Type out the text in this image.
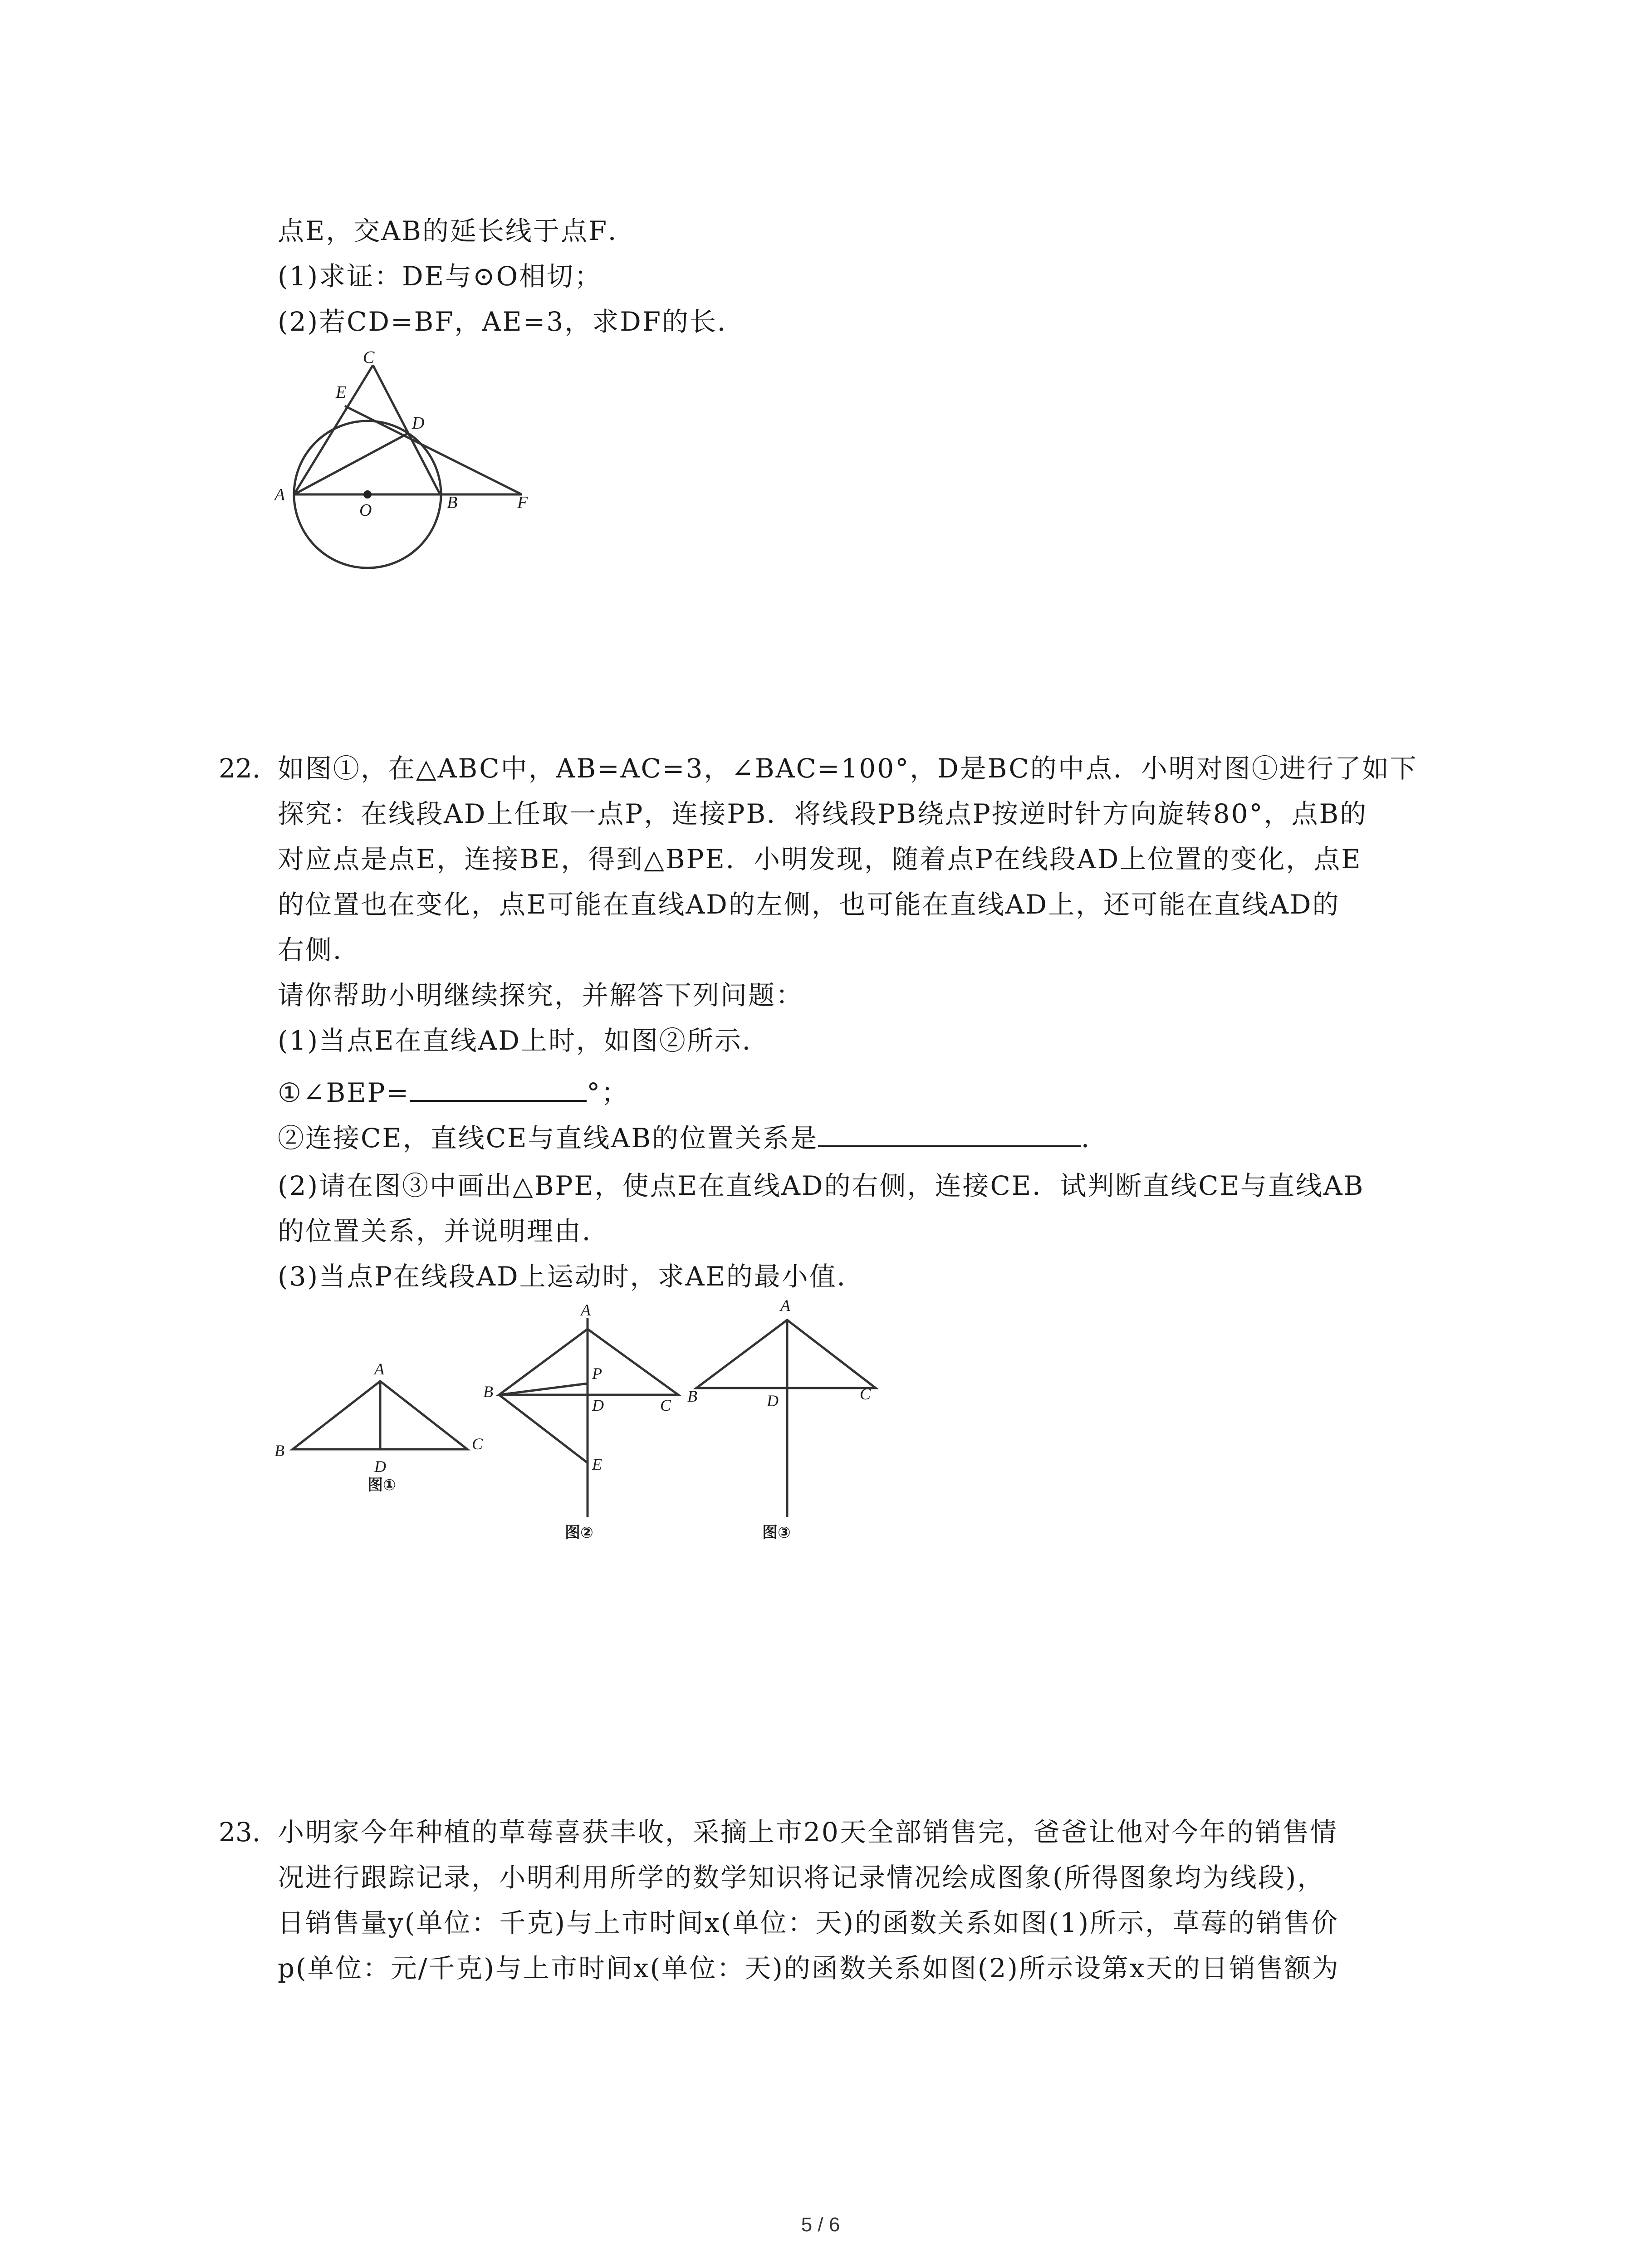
点E，交AB的延长线于点F．
(1)求证：DE与⊙O相切；
(2)若CD=BF，AE=3，求DF的长．
C
E
D
A
O	B	F
A
B	C
D
图①
A
B
C
D
P
E
图②
A
B	C
D
图③
22. 如图①，在△ABC中，AB=AC=3，∠BAC=100°，D是BC的中点．小明对图①进行了如下
探究：在线段AD上任取一点P，连接PB．将线段PB绕点P按逆时针方向旋转80°，点B的
对应点是点E，连接BE，得到△BPE．小明发现，随着点P在线段AD上位置的变化，点E
的位置也在变化，点E可能在直线AD的左侧，也可能在直线AD上，还可能在直线AD的
右侧．
请你帮助小明继续探究，并解答下列问题：
(1)当点E在直线AD上时，如图②所示．
①∠BEP=	°；
②连接CE，直线CE与直线AB的位置关系是	．
(2)请在图③中画出△BPE，使点E在直线AD的右侧，连接CE．试判断直线CE与直线AB
的位置关系，并说明理由．
(3)当点P在线段AD上运动时，求AE的最小值．
23. 小明家今年种植的草莓喜获丰收，采摘上市20天全部销售完，爸爸让他对今年的销售情
况进行跟踪记录，小明利用所学的数学知识将记录情况绘成图象(所得图象均为线段)，
日销售量y(单位：千克)与上市时间x(单位：天)的函数关系如图(1)所示，草莓的销售价
p(单位：元/千克)与上市时间x(单位：天)的函数关系如图(2)所示设第x天的日销售额为
5 / 6
